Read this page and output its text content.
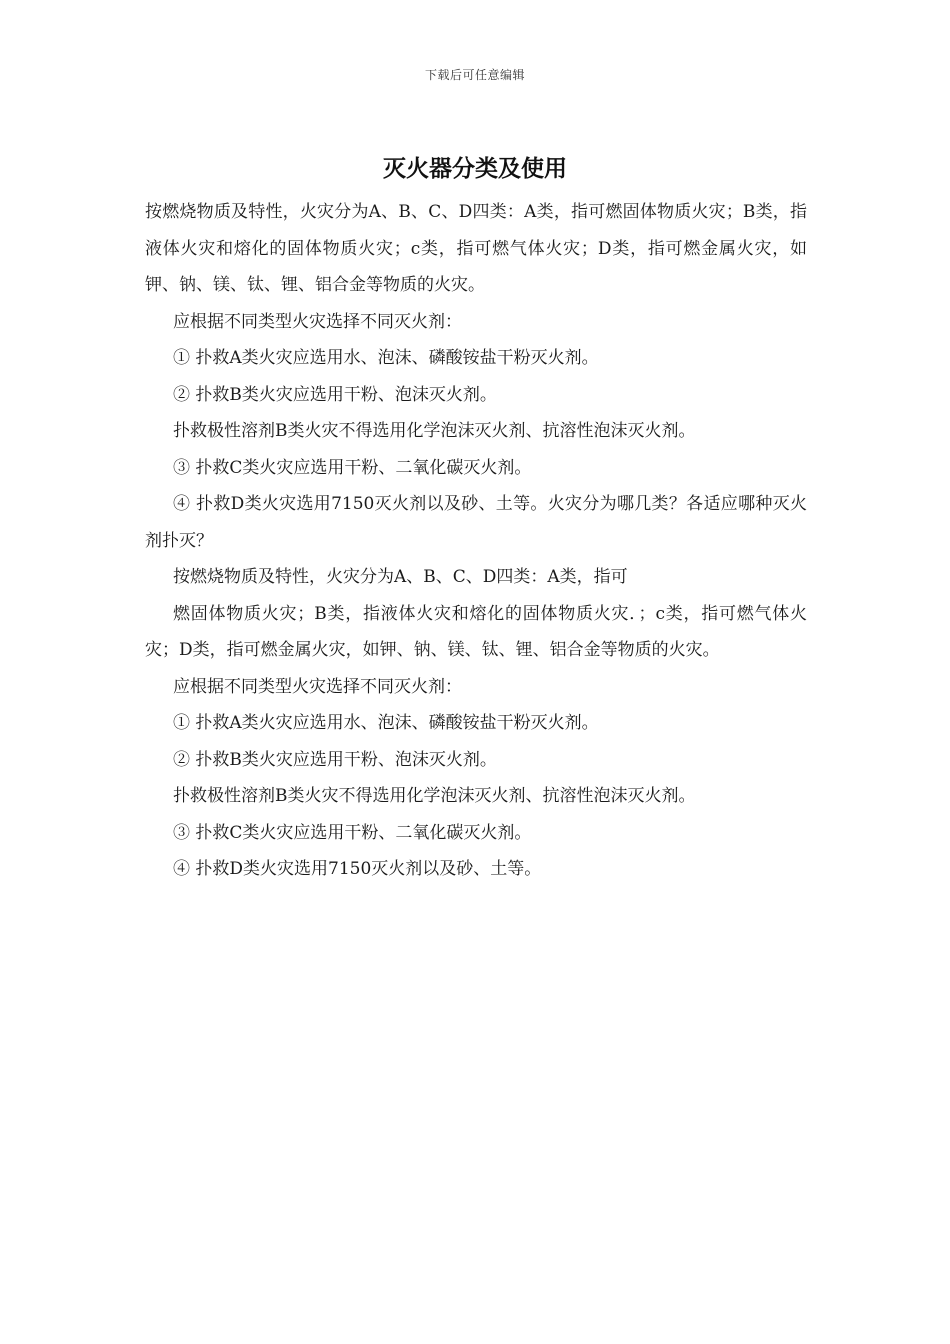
下载后可任意编辑
灭火器分类及使用

按燃烧物质及特性，火灾分为A、B、C、D四类：A类，指可燃固体物质火灾；B类，指液体火灾和熔化的固体物质火灾；c类，指可燃气体火灾；D类，指可燃金属火灾，如钾、钠、镁、钛、锂、铝合金等物质的火灾。

应根据不同类型火灾选择不同灭火剂：

① 扑救A类火灾应选用水、泡沫、磷酸铵盐干粉灭火剂。

② 扑救B类火灾应选用干粉、泡沫灭火剂。

扑救极性溶剂B类火灾不得选用化学泡沫灭火剂、抗溶性泡沫灭火剂。

③ 扑救C类火灾应选用干粉、二氧化碳灭火剂。

④ 扑救D类火灾选用7150灭火剂以及砂、土等。火灾分为哪几类？各适应哪种灭火剂扑灭？

按燃烧物质及特性，火灾分为A、B、C、D四类：A类，指可

燃固体物质火灾；B类，指液体火灾和熔化的固体物质火灾．；c类，指可燃气体火灾；D类，指可燃金属火灾，如钾、钠、镁、钛、锂、铝合金等物质的火灾。

应根据不同类型火灾选择不同灭火剂：

① 扑救A类火灾应选用水、泡沫、磷酸铵盐干粉灭火剂。

② 扑救B类火灾应选用干粉、泡沫灭火剂。

扑救极性溶剂B类火灾不得选用化学泡沫灭火剂、抗溶性泡沫灭火剂。

③ 扑救C类火灾应选用干粉、二氧化碳灭火剂。

④ 扑救D类火灾选用7150灭火剂以及砂、土等。
